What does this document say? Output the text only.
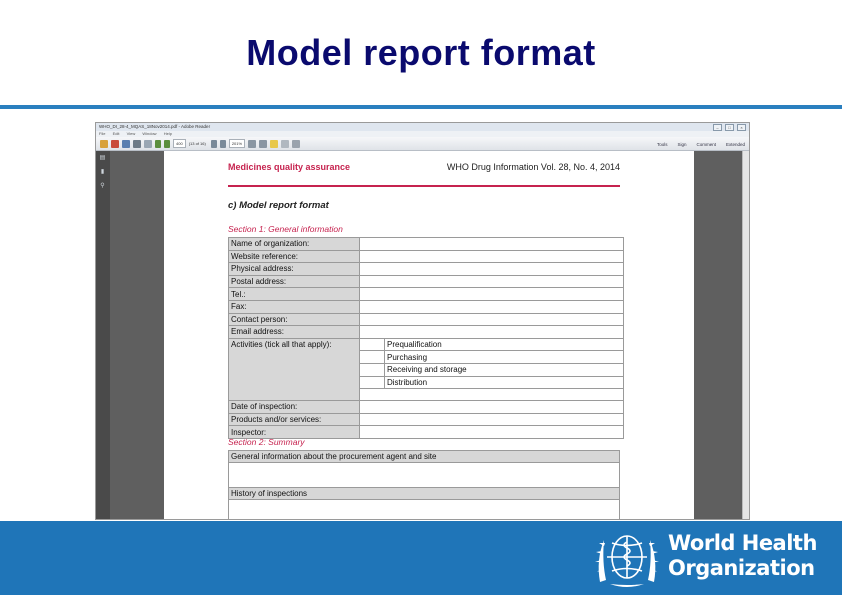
Model report format
WHO_DI_28-4_MQAS_18Nov2014.pdf - Adobe Reader	–	□	×
File Edit View Window Help
400	(13 of 16)	201%	Tools Sign Comment Extended
▤
▮
⚲
Medicines quality assurance	WHO Drug Information Vol. 28, No. 4, 2014
c) Model report format
Section 1: General information
Name of organization:		
Website reference:		
Physical address:		
Postal address:		
Tel.:		
Fax:		
Contact person:		
Email address:		
Activities (tick all that apply):		Prequalification
		Purchasing
		Receiving and storage
		Distribution

Date of inspection:		
Products and/or services:		
Inspector:		
Section 2: Summary
General information about the procurement agent and site

History of inspections

World Health
Organization
